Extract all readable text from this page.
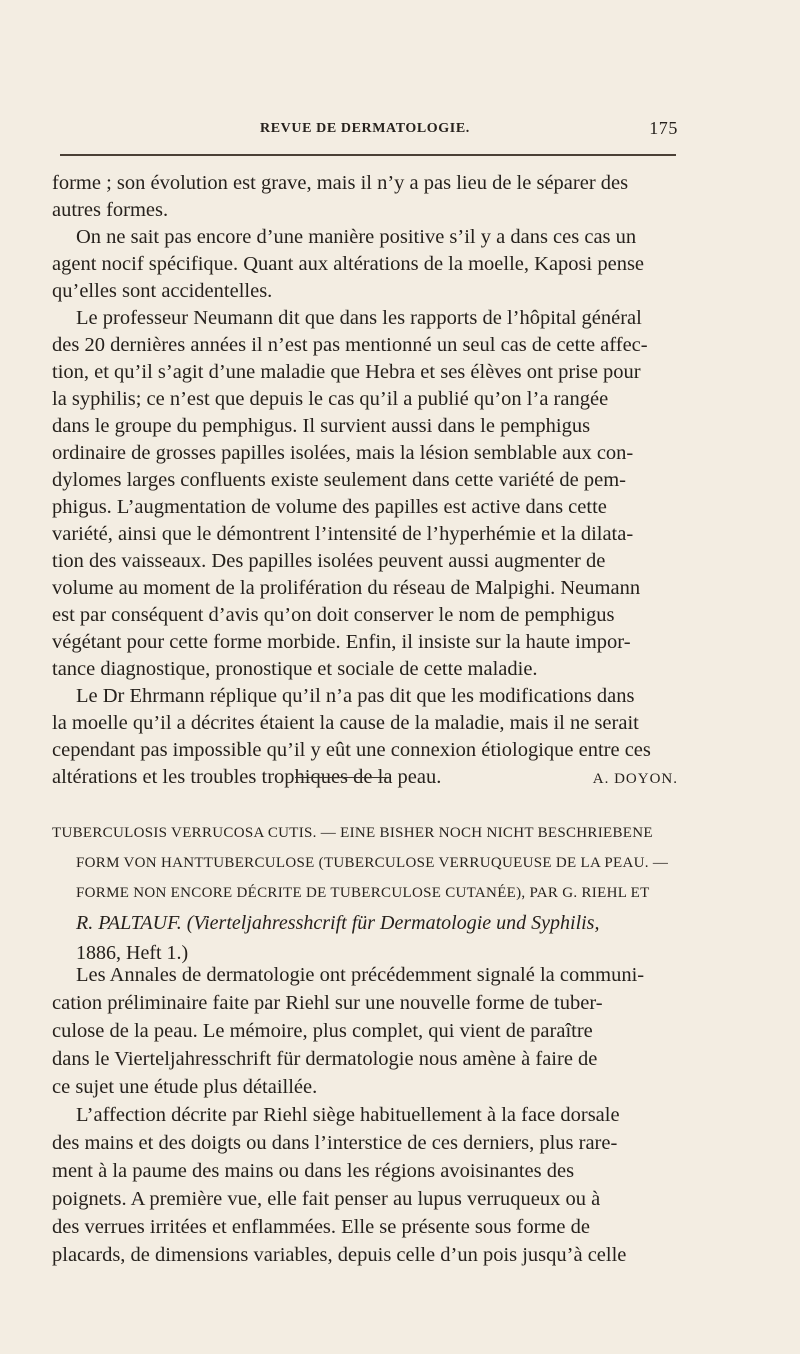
REVUE DE DERMATOLOGIE.	175
forme ; son évolution est grave, mais il n’y a pas lieu de le séparer des
autres formes.
On ne sait pas encore d’une manière positive s’il y a dans ces cas un
agent nocif spécifique. Quant aux altérations de la moelle, Kaposi pense
qu’elles sont accidentelles.
Le professeur Neumann dit que dans les rapports de l’hôpital général
des 20 dernières années il n’est pas mentionné un seul cas de cette affec-
tion, et qu’il s’agit d’une maladie que Hebra et ses élèves ont prise pour
la syphilis; ce n’est que depuis le cas qu’il a publié qu’on l’a rangée
dans le groupe du pemphigus. Il survient aussi dans le pemphigus
ordinaire de grosses papilles isolées, mais la lésion semblable aux con-
dylomes larges confluents existe seulement dans cette variété de pem-
phigus. L’augmentation de volume des papilles est active dans cette
variété, ainsi que le démontrent l’intensité de l’hyperhémie et la dilata-
tion des vaisseaux. Des papilles isolées peuvent aussi augmenter de
volume au moment de la prolifération du réseau de Malpighi. Neumann
est par conséquent d’avis qu’on doit conserver le nom de pemphigus
végétant pour cette forme morbide. Enfin, il insiste sur la haute impor-
tance diagnostique, pronostique et sociale de cette maladie.
Le Dr Ehrmann réplique qu’il n’a pas dit que les modifications dans
la moelle qu’il a décrites étaient la cause de la maladie, mais il ne serait
cependant pas impossible qu’il y eût une connexion étiologique entre ces
altérations et les troubles trophiques de la peau.	A. DOYON.
TUBERCULOSIS VERRUCOSA CUTIS. — EINE BISHER NOCH NICHT BESCHRIEBENE
FORM VON HANTTUBERCULOSE (TUBERCULOSE VERRUQUEUSE DE LA PEAU. —
FORME NON ENCORE DÉCRITE DE TUBERCULOSE CUTANÉE), PAR G. RIEHL ET
R. PALTAUF. (Vierteljahresshcrift für Dermatologie und Syphilis,
1886, Heft 1.)
Les Annales de dermatologie ont précédemment signalé la communi-
cation préliminaire faite par Riehl sur une nouvelle forme de tuber-
culose de la peau. Le mémoire, plus complet, qui vient de paraître
dans le Vierteljahresschrift für dermatologie nous amène à faire de
ce sujet une étude plus détaillée.
L’affection décrite par Riehl siège habituellement à la face dorsale
des mains et des doigts ou dans l’interstice de ces derniers, plus rare-
ment à la paume des mains ou dans les régions avoisinantes des
poignets. A première vue, elle fait penser au lupus verruqueux ou à
des verrues irritées et enflammées. Elle se présente sous forme de
placards, de dimensions variables, depuis celle d’un pois jusqu’à celle
